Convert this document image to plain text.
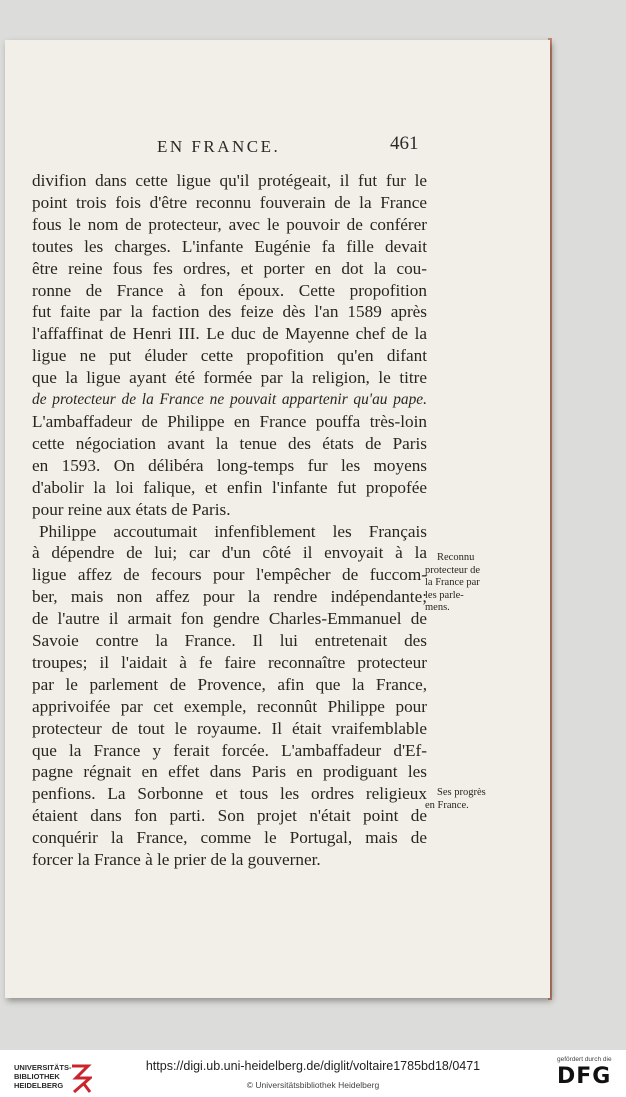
EN FRANCE.	461
divifion dans cette ligue qu'il protégeait, il fut fur le
point trois fois d'être reconnu fouverain de la France
fous le nom de protecteur, avec le pouvoir de conférer
toutes les charges. L'infante Eugénie fa fille devait
être reine fous fes ordres, et porter en dot la cou-
ronne de France à fon époux. Cette propofition
fut faite par la faction des feize dès l'an 1589 après
l'affaffinat de Henri III. Le duc de Mayenne chef de la
ligue ne put éluder cette propofition qu'en difant
que la ligue ayant été formée par la religion, le titre
de protecteur de la France ne pouvait appartenir qu'au pape.
L'ambaffadeur de Philippe en France pouffa très-loin
cette négociation avant la tenue des états de Paris
en 1593. On délibéra long-temps fur les moyens
d'abolir la loi falique, et enfin l'infante fut propofée
pour reine aux états de Paris.
Philippe accoutumait infenfiblement les Français
à dépendre de lui; car d'un côté il envoyait à la
ligue affez de fecours pour l'empêcher de fuccom-
ber, mais non affez pour la rendre indépendante;
de l'autre il armait fon gendre Charles-Emmanuel de
Savoie contre la France. Il lui entretenait des
troupes; il l'aidait à fe faire reconnaître protecteur
par le parlement de Provence, afin que la France,
apprivoifée par cet exemple, reconnût Philippe pour
protecteur de tout le royaume. Il était vraifemblable
que la France y ferait forcée. L'ambaffadeur d'Ef-
pagne régnait en effet dans Paris en prodiguant les
penfions. La Sorbonne et tous les ordres religieux
étaient dans fon parti. Son projet n'était point de
conquérir la France, comme le Portugal, mais de
forcer la France à le prier de la gouverner.
Reconnu
protecteur de
la France par
les parle-
mens.
Ses progrès
en France.
UNIVERSITÄTS-
BIBLIOTHEK
HEIDELBERG
https://digi.ub.uni-heidelberg.de/diglit/voltaire1785bd18/0471
© Universitätsbibliothek Heidelberg
gefördert durch die
DFG
